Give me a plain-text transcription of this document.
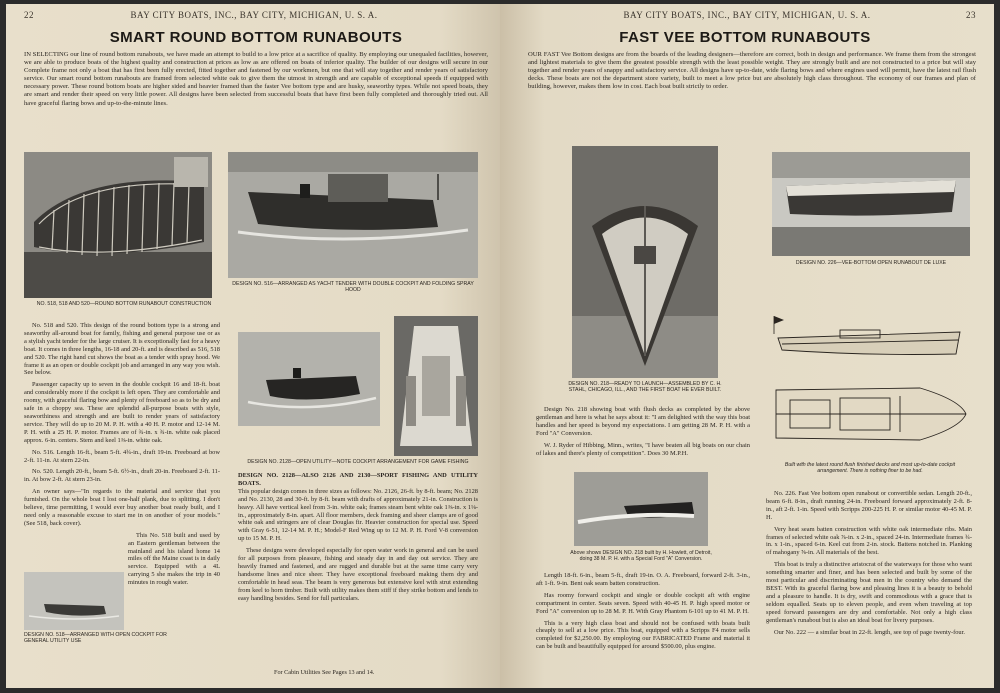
22	BAY CITY BOATS, INC., BAY CITY, MICHIGAN, U. S. A.
SMART ROUND BOTTOM RUNABOUTS

IN SELECTING our line of round bottom runabouts, we have made an attempt to build to a low price at a sacrifice of quality. By employing our unequaled facilities, however, we are able to produce boats of the highest quality and construction at prices as low as are offered on boats of inferior quality. The builder of our designs will secure in our Complete frame not only a boat that has first been fully erected, fitted together and fastened by our workmen, but one that will stay together and render years of satisfactory service. Our smart round bottom runabouts are framed from selected white oak to give them the utmost in strength and are capable of exceptional speeds if equipped with necessary power. These round bottom boats are higher sided and heavier framed than the faster Vee bottom type and are husky, seaworthy types. While not speed boats, they are smart and render their speed on very little power. All designs have been selected from successful boats that have first been fully completed and thoroughly tried out. All have graceful flaring bows and up-to-the-minute lines.

NO. 518, 518 AND 520—ROUND BOTTOM RUNABOUT CONSTRUCTION
DESIGN NO. 516—ARRANGED AS YACHT TENDER WITH DOUBLE COCKPIT AND FOLDING SPRAY HOOD

No. 518 and 520. This design of the round bottom type is a strong and seaworthy all-around boat for family, fishing and general purpose use or as a stylish yacht tender for the large cruiser. It is exceptionally fast for a heavy boat. It comes in three lengths, 16-18 and 20-ft. and is described as 516, 518 and 520. The right hand cut shows the boat as a tender with spray hood. We frame it as an open or double cockpit job and arranged in any way you wish. See below.

Passenger capacity up to seven in the double cockpit 16 and 18-ft. boat and considerably more if the cockpit is left open. They are comfortable and roomy, with graceful flaring bow and plenty of freeboard so as to be dry and safe in a choppy sea. These are splendid all-purpose boats with style, seaworthiness and strength and are built to render years of satisfactory service. They will do up to 20 M. P. H. with a 40 H. P. motor and 12-14 M. P. H. with a 25 H. P. motor. Frames are of ¾-in. x ¾-in. white oak placed approx. 6-in. centers. Stem and keel 1⅜-in. white oak.

No. 516. Length 16-ft., beam 5-ft. 4¾-in., draft 19-in. Freeboard at bow 2-ft. 11-in. At stern 22-in.

No. 520. Length 20-ft., beam 5-ft. 6½-in., draft 20-in. Freeboard 2-ft. 11-in. At bow 2-ft. At stern 23-in.

An owner says—"In regards to the material and service that you furnished. On the whole boat I lost one-half plank, due to splitting. I don't believe, time permitting, I would ever buy another boat ready built, and I need only a reasonable excuse to start me in on another of your models." (See 518, back cover).

This No. 518 built and used by an Eastern gentleman between the mainland and his island home 14 miles off the Maine coast is in daily service. Equipped with a 4L carrying 5 she makes the trip in 40 minutes in rough water.

DESIGN NO. 518—ARRANGED WITH OPEN COCKPIT FOR GENERAL UTILITY USE
DESIGN NO. 2128—OPEN UTILITY—NOTE COCKPIT ARRANGEMENT FOR GAME FISHING

DESIGN NO. 2128—ALSO 2126 AND 2130—SPORT FISHING AND UTILITY BOATS.

This popular design comes in three sizes as follows: No. 2126, 26-ft. by 8-ft. beam; No. 2128 and No. 2130, 28 and 30-ft. by 8-ft. beam with drafts of approximately 21-in. Construction is heavy. All have vertical keel from 3-in. white oak; frames steam bent white oak 1⅜-in. x 1⅛-in., approximately 8-in. apart. All floor members, deck framing and sheer clamps are of good white oak and stringers are of clear Douglas fir. Heavier construction for special use. Speed with Gray 6-51, 12-14 M. P. H.; Model-F Red Wing up to 12 M. P. H. Ford V-8 conversion up to 15 M. P. H.

These designs were developed especially for open water work in general and can be used for all purposes from pleasure, fishing and steady day in and day out service. They are heavily framed and fastened, and are rugged and durable but at the same time carry very handsome lines and nice sheer. They have exceptional freeboard making them dry and comfortable in head seas. The beam is very generous but extensive keel with strut extending from keel to horn timber. Built with utility makes them stiff if they strike bottom and lends to easy handling besides. Send for full particulars.

For Cabin Utilities See Pages 13 and 14.
BAY CITY BOATS, INC., BAY CITY, MICHIGAN, U. S. A.	23
FAST VEE BOTTOM RUNABOUTS

OUR FAST Vee Bottom designs are from the boards of the leading designers—therefore are correct, both in design and performance. We frame them from the strongest and lightest materials to give them the greatest possible strength with the least possible weight. They are strongly built and are not constructed to a price but will stay together and render years of snappy and satisfactory service. All designs have up-to-date, wide flaring bows and where engines used will permit, have the latest rail flush decks. These boats are not the department store variety, built to meet a low price but are absolutely high class throughout. The economy of our frames and plan of building, however, makes them low in cost. Each boat built strictly to order.

DESIGN NO. 218—READY TO LAUNCH—ASSEMBLED BY C. H. STAHL, CHICAGO, ILL., AND THE FIRST BOAT HE EVER BUILT.
DESIGN NO. 226—VEE-BOTTOM OPEN RUNABOUT DE LUXE
Built with the latest round flush finished decks and most up-to-date cockpit arrangement. There is nothing finer to be had.

Design No. 218 showing boat with flush decks as completed by the above gentleman and here is what he says about it: "I am delighted with the way this boat handles and her speed is beyond my expectations. I am getting 28 M. P. H. with a Ford "A" Conversion.

W. J. Ryder of Hibbing, Minn., writes, "I have beaten all big boats on our chain of lakes and there's plenty of competition". Does 30 M.P.H.

Above shows DESIGN NO. 218 built by H. Howlett, of Detroit, doing 38 M. P. H. with a Special Ford "A" Conversion.

Length 18-ft. 6-in., beam 5-ft., draft 19-in. O. A. Freeboard, forward 2-ft. 3-in., aft 1-ft. 9-in. Bent oak seam batten construction.

Has roomy forward cockpit and single or double cockpit aft with engine compartment in center. Seats seven. Speed with 40-45 H. P. high speed motor or Ford "A" conversion up to 28 M. P. H. With Gray Phantom 6-101 up to 41 M. P. H.

This is a very high class boat and should not be confused with boats built cheaply to sell at a low price. This boat, equipped with a Scripps F4 motor sells completed for $2,250.00. By employing our FABRICATED Frame and material it can be built and beautifully equipped for around $500.00, plus engine.

No. 226. Fast Vee bottom open runabout or convertible sedan. Length 20-ft., beam 6-ft. 8-in., draft running 24-in. Freeboard forward approximately 2-ft. 8-in., aft 2-ft. 1-in. Speed with Scripps 200-225 H. P. or similar motor 40-45 M. P. H.

Very heat seam batten construction with white oak intermediate ribs. Main frames of selected white oak ⅞-in. x 2-in., spaced 24-in. Intermediate frames ¾-in. x 1-in., spaced 6-in. Keel cut from 2-in. stock. Battens notched in. Planking of mahogany ⅝-in. All materials of the best.

This boat is truly a distinctive aristocrat of the waterways for those who want something smarter and finer, and has been selected and built by some of the most particular and discriminating boat men in the country who demand the BEST. With its graceful flaring bow and pleasing lines it is a beauty to behold and a pleasure to handle. It is dry, swift and commodious with a grace that is seldom equalled. Seats up to eleven people, and even when traveling at top speed forward passengers are dry and comfortable. Not only a high class gentleman's runabout but is also an ideal boat for livery purposes.

Our No. 222 — a similar boat in 22-ft. length, see top of page twenty-four.
